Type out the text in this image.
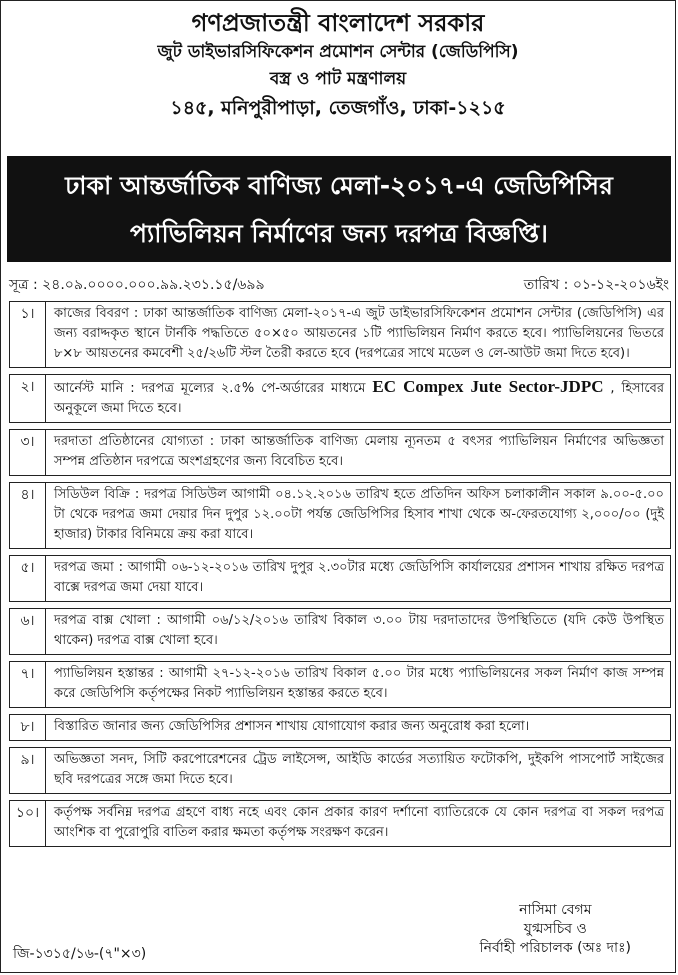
গণপ্রজাতন্ত্রী বাংলাদেশ সরকার
জুট ডাইভারসিফিকেশন প্রমোশন সেন্টার (জেডিপিসি)
বস্ত্র ও পাট মন্ত্রণালয়
১৪৫, মনিপুরীপাড়া, তেজগাঁও, ঢাকা-১২১৫
ঢাকা আন্তর্জাতিক বাণিজ্য মেলা-২০১৭-এ জেডিপিসির
প্যাভিলিয়ন নির্মাণের জন্য দরপত্র বিজ্ঞপ্তি।
সূত্র : ২৪.০৯.০০০০.০০০.৯৯.২৩১.১৫/৬৯৯	তারিখ : ০১-১২-২০১৬ইং
১।	কাজের বিবরণ : ঢাকা আন্তর্জাতিক বাণিজ্য মেলা-২০১৭-এ জুট ডাইভারসিফিকেশন প্রমোশন সেন্টার (জেডিপিসি) এর জন্য বরাদ্দকৃত স্থানে টার্নকি পদ্ধতিতে ৫০×৫০ আয়তনের ১টি প্যাভিলিয়ন নির্মাণ করতে হবে। প্যাভিলিয়নের ভিতরে ৮×৮ আয়তনের কমবেশী ২৫/২৬টি স্টল তৈরী করতে হবে (দরপত্রের সাথে মডেল ও লে-আউট জমা দিতে হবে)।
২।	আর্নেস্ট মানি : দরপত্র মূল্যের ২.৫% পে-অর্ডারের মাধ্যমে EC Compex Jute Sector-JDPC , হিসাবের অনুকূলে জমা দিতে হবে।
৩।	দরদাতা প্রতিষ্ঠানের যোগ্যতা : ঢাকা আন্তর্জাতিক বাণিজ্য মেলায় ন্যূনতম ৫ বৎসর প্যাভিলিয়ন নির্মাণের অভিজ্ঞতা সম্পন্ন প্রতিষ্ঠান দরপত্রে অংশগ্রহণের জন্য বিবেচিত হবে।
৪।	সিডিউল বিক্রি : দরপত্র সিডিউল আগামী ০৪.১২.২০১৬ তারিখ হতে প্রতিদিন অফিস চলাকালীন সকাল ৯.০০-৫.০০ টা থেকে দরপত্র জমা দেয়ার দিন দুপুর ১২.০০টা পর্যন্ত জেডিপিসির হিসাব শাখা থেকে অ-ফেরতযোগ্য ২,০০০/০০ (দুই হাজার) টাকার বিনিময়ে ক্রয় করা যাবে।
৫।	দরপত্র জমা : আগামী ০৬-১২-২০১৬ তারিখ দুপুর ২.৩০টার মধ্যে জেডিপিসি কার্যালয়ের প্রশাসন শাখায় রক্ষিত দরপত্র বাক্সে দরপত্র জমা দেয়া যাবে।
৬।	দরপত্র বাক্স খোলা : আগামী ০৬/১২/২০১৬ তারিখ বিকাল ৩.০০ টায় দরদাতাদের উপস্থিতিতে (যদি কেউ উপস্থিত থাকেন) দরপত্র বাক্স খোলা হবে।
৭।	প্যাভিলিয়ন হস্তান্তর : আগামী ২৭-১২-২০১৬ তারিখ বিকাল ৫.০০ টার মধ্যে প্যাভিলিয়নের সকল নির্মাণ কাজ সম্পন্ন করে জেডিপিসি কর্তৃপক্ষের নিকট প্যাভিলিয়ন হস্তান্তর করতে হবে।
৮।	বিস্তারিত জানার জন্য জেডিপিসির প্রশাসন শাখায় যোগাযোগ করার জন্য অনুরোধ করা হলো।
৯।	অভিজ্ঞতা সনদ, সিটি করপোরেশনের ট্রেড লাইসেন্স, আইডি কার্ডের সত্যায়িত ফটোকপি, দুইকপি পাসপোর্ট সাইজের ছবি দরপত্রের সঙ্গে জমা দিতে হবে।
১০।	কর্তৃপক্ষ সর্বনিম্ন দরপত্র গ্রহণে বাধ্য নহে এবং কোন প্রকার কারণ দর্শানো ব্যাতিরেকে যে কোন দরপত্র বা সকল দরপত্র আংশিক বা পুরোপুরি বাতিল করার ক্ষমতা কর্তৃপক্ষ সংরক্ষণ করেন।
নাসিমা বেগম
যুগ্মসচিব ও
নির্বাহী পরিচালক (অঃ দাঃ)
জি-১৩১৫/১৬-(৭"×৩)
